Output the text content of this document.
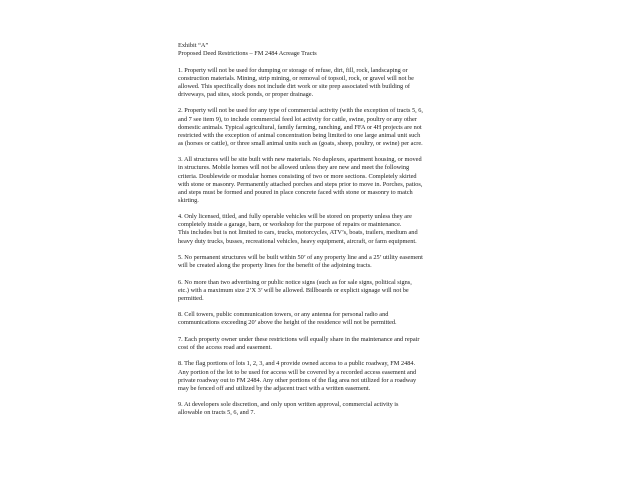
Exhibit “A”
Proposed Deed Restrictions – FM 2484 Acreage Tracts
1. Property will not be used for dumping or storage of refuse, dirt, fill, rock, landscaping or
construction materials. Mining, strip mining, or removal of topsoil, rock, or gravel will not be
allowed. This specifically does not include dirt work or site prep associated with building of
driveways, pad sites, stock ponds, or proper drainage.
2. Property will not be used for any type of commercial activity (with the exception of tracts 5, 6,
and 7 see item 9), to include commercial feed lot activity for cattle, swine, poultry or any other
domestic animals. Typical agricultural, family farming, ranching, and FFA or 4H projects are not
restricted with the exception of animal concentration being limited to one large animal unit such
as (horses or cattle), or three small animal units such as (goats, sheep, poultry, or swine) per acre.
3. All structures will be site built with new materials. No duplexes, apartment housing, or moved
in structures. Mobile homes will not be allowed unless they are new and meet the following
criteria. Doublewide or modular homes consisting of two or more sections. Completely skirted
with stone or masonry. Permanently attached porches and steps prior to move in. Porches, patios,
and steps must be formed and poured in place concrete faced with stone or masonry to match
skirting.
4. Only licensed, titled, and fully operable vehicles will be stored on property unless they are
completely inside a garage, barn, or workshop for the purpose of repairs or maintenance.
This includes but is not limited to cars, trucks, motorcycles, ATV’s, boats, trailers, medium and
heavy duty trucks, busses, recreational vehicles, heavy equipment, aircraft, or farm equipment.
5. No permanent structures will be built within 50’ of any property line and a 25’ utility easement
will be created along the property lines for the benefit of the adjoining tracts.
6. No more than two advertising or public notice signs (such as for sale signs, political signs,
etc.) with a maximum size 2’X 3’ will be allowed. Billboards or explicit signage will not be
permitted.
8. Cell towers, public communication towers, or any antenna for personal radio and
communications exceeding 20’ above the height of the residence will not be permitted.
7. Each property owner under these restrictions will equally share in the maintenance and repair
cost of the access road and easement.
8. The flag portions of lots 1, 2, 3, and 4 provide owned access to a public roadway, FM 2484.
Any portion of the lot to be used for access will be covered by a recorded access easement and
private roadway out to FM 2484. Any other portions of the flag area not utilized for a roadway
may be fenced off and utilized by the adjacent tract with a written easement.
9. At developers sole discretion, and only upon written approval, commercial activity is
allowable on tracts 5, 6, and 7.
